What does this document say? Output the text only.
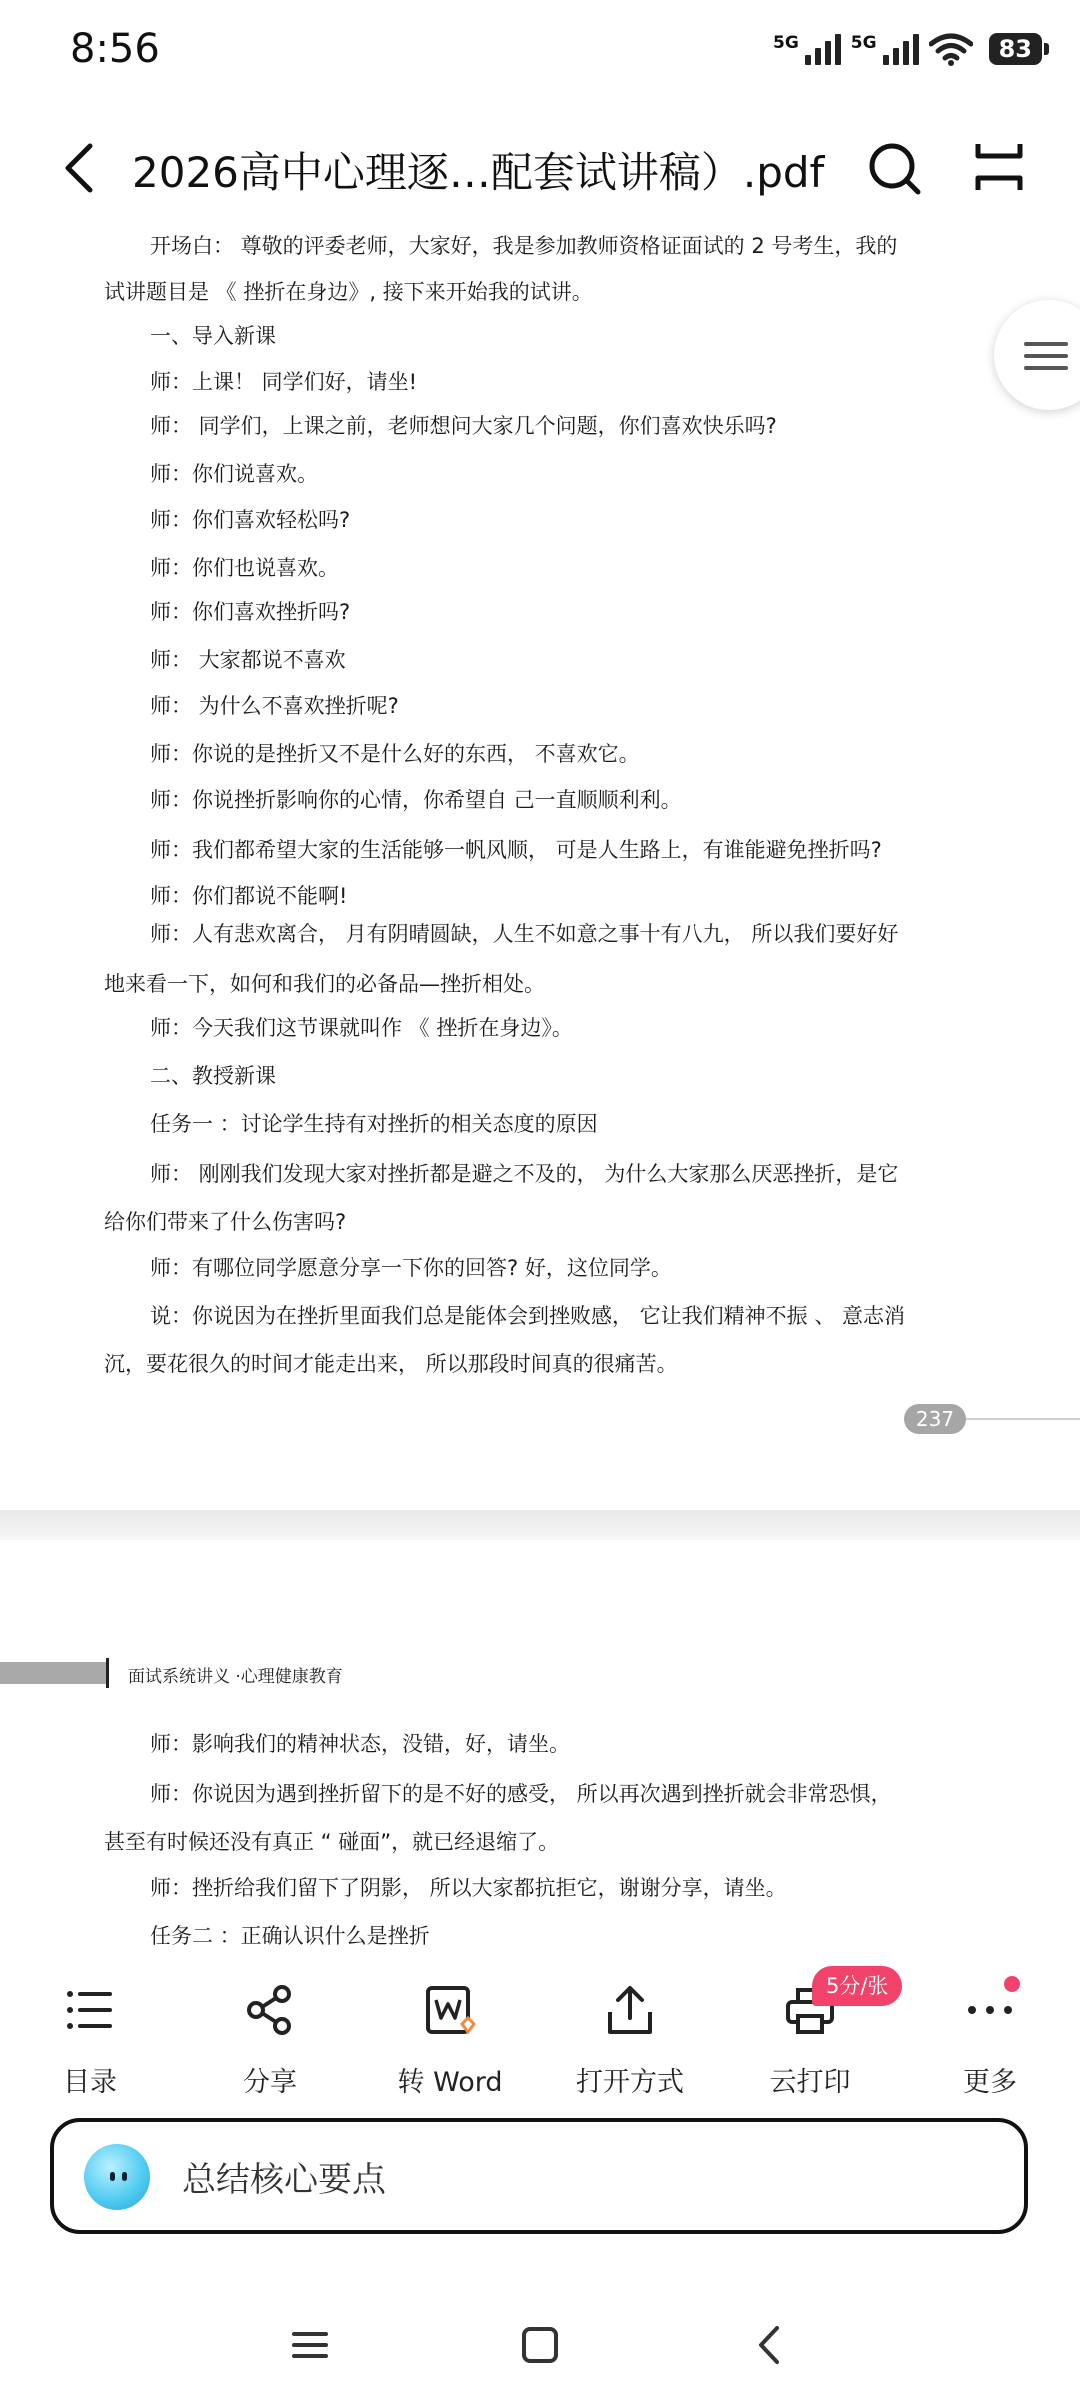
8:56	5G	5G	83
2026高中心理逐…配套试讲稿）.pdf
开场白： 尊敬的评委老师，大家好，我是参加教师资格证面试的 2 号考生，我的
试讲题目是 《 挫折在身边》, 接下来开始我的试讲。
一、导入新课
师：上课！ 同学们好，请坐!
师： 同学们，上课之前，老师想问大家几个问题，你们喜欢快乐吗?
师：你们说喜欢。
师：你们喜欢轻松吗?
师：你们也说喜欢。
师：你们喜欢挫折吗?
师： 大家都说不喜欢
师： 为什么不喜欢挫折呢?
师：你说的是挫折又不是什么好的东西， 不喜欢它。
师：你说挫折影响你的心情，你希望自 己一直顺顺利利。
师：我们都希望大家的生活能够一帆风顺， 可是人生路上，有谁能避免挫折吗?
师：你们都说不能啊!
师：人有悲欢离合， 月有阴晴圆缺，人生不如意之事十有八九， 所以我们要好好
地来看一下，如何和我们的必备品—挫折相处。
师：今天我们这节课就叫作 《 挫折在身边》。
二、教授新课
任务一 ：讨论学生持有对挫折的相关态度的原因
师： 刚刚我们发现大家对挫折都是避之不及的， 为什么大家那么厌恶挫折，是它
给你们带来了什么伤害吗?
师：有哪位同学愿意分享一下你的回答? 好，这位同学。
说：你说因为在挫折里面我们总是能体会到挫败感， 它让我们精神不振 、 意志消
沉，要花很久的时间才能走出来， 所以那段时间真的很痛苦。
237
面试系统讲义 ·心理健康教育
师：影响我们的精神状态，没错，好，请坐。
师：你说因为遇到挫折留下的是不好的感受， 所以再次遇到挫折就会非常恐惧，
甚至有时候还没有真正 “ 碰面”，就已经退缩了。
师：挫折给我们留下了阴影， 所以大家都抗拒它，谢谢分享，请坐。
任务二 ：正确认识什么是挫折
目录	分享	转 Word	打开方式	云打印	更多
5分/张
总结核心要点
